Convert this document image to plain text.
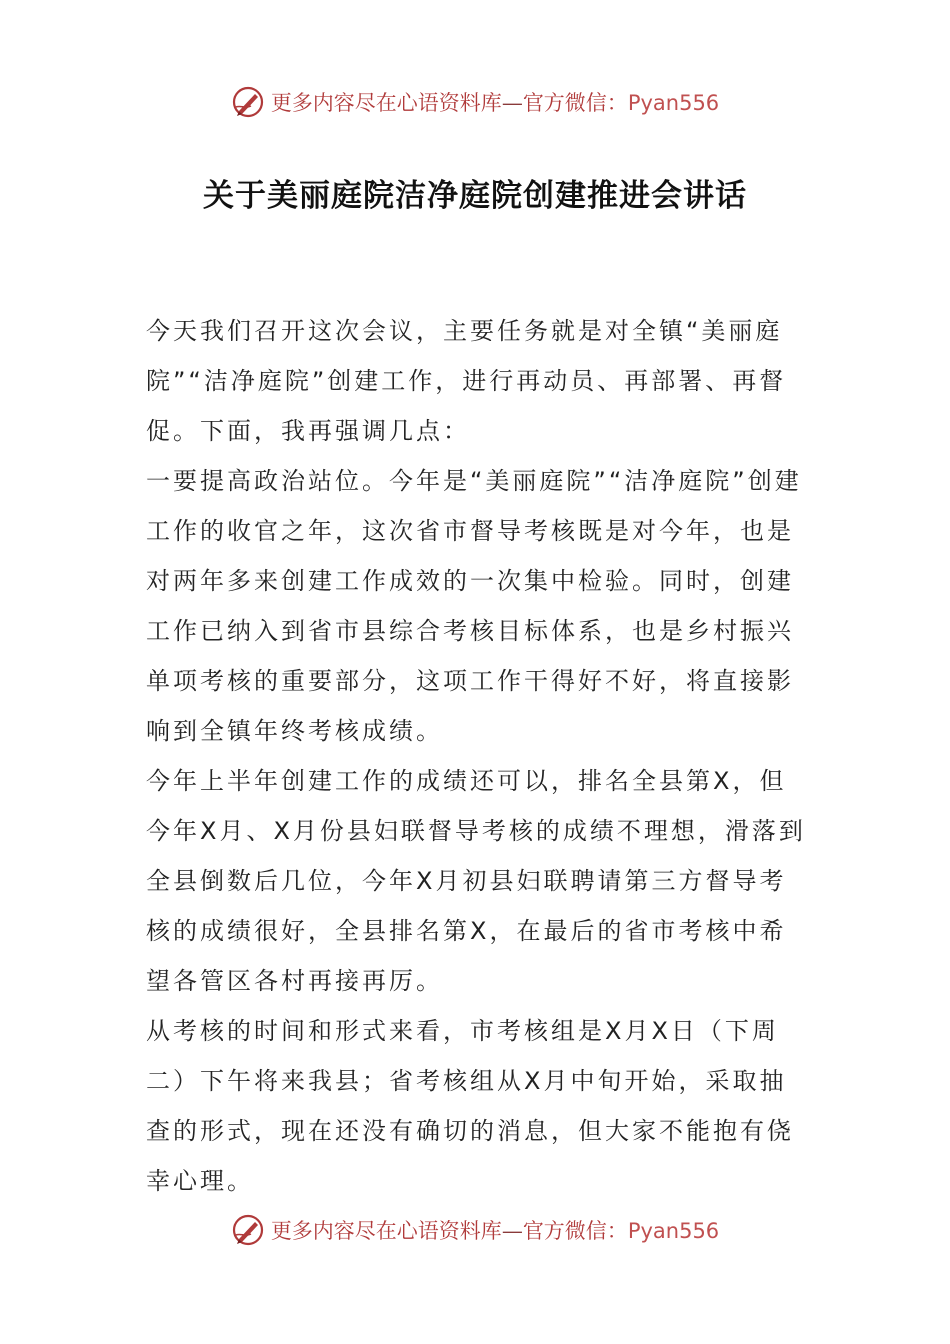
更多内容尽在心语资料库—官方微信：Pyan556
关于美丽庭院洁净庭院创建推进会讲话

今天我们召开这次会议，主要任务就是对全镇“美丽庭院”“洁净庭院”创建工作，进行再动员、再部署、再督促。下面，我再强调几点：

一要提高政治站位。今年是“美丽庭院”“洁净庭院”创建工作的收官之年，这次省市督导考核既是对今年，也是对两年多来创建工作成效的一次集中检验。同时，创建工作已纳入到省市县综合考核目标体系，也是乡村振兴单项考核的重要部分，这项工作干得好不好，将直接影响到全镇年终考核成绩。

今年上半年创建工作的成绩还可以，排名全县第X，但今年X月、X月份县妇联督导考核的成绩不理想，滑落到全县倒数后几位，今年X月初县妇联聘请第三方督导考核的成绩很好，全县排名第X，在最后的省市考核中希望各管区各村再接再厉。

从考核的时间和形式来看，市考核组是X月X日（下周二）下午将来我县；省考核组从X月中旬开始，采取抽查的形式，现在还没有确切的消息，但大家不能抱有侥幸心理。

更多内容尽在心语资料库—官方微信：Pyan556
